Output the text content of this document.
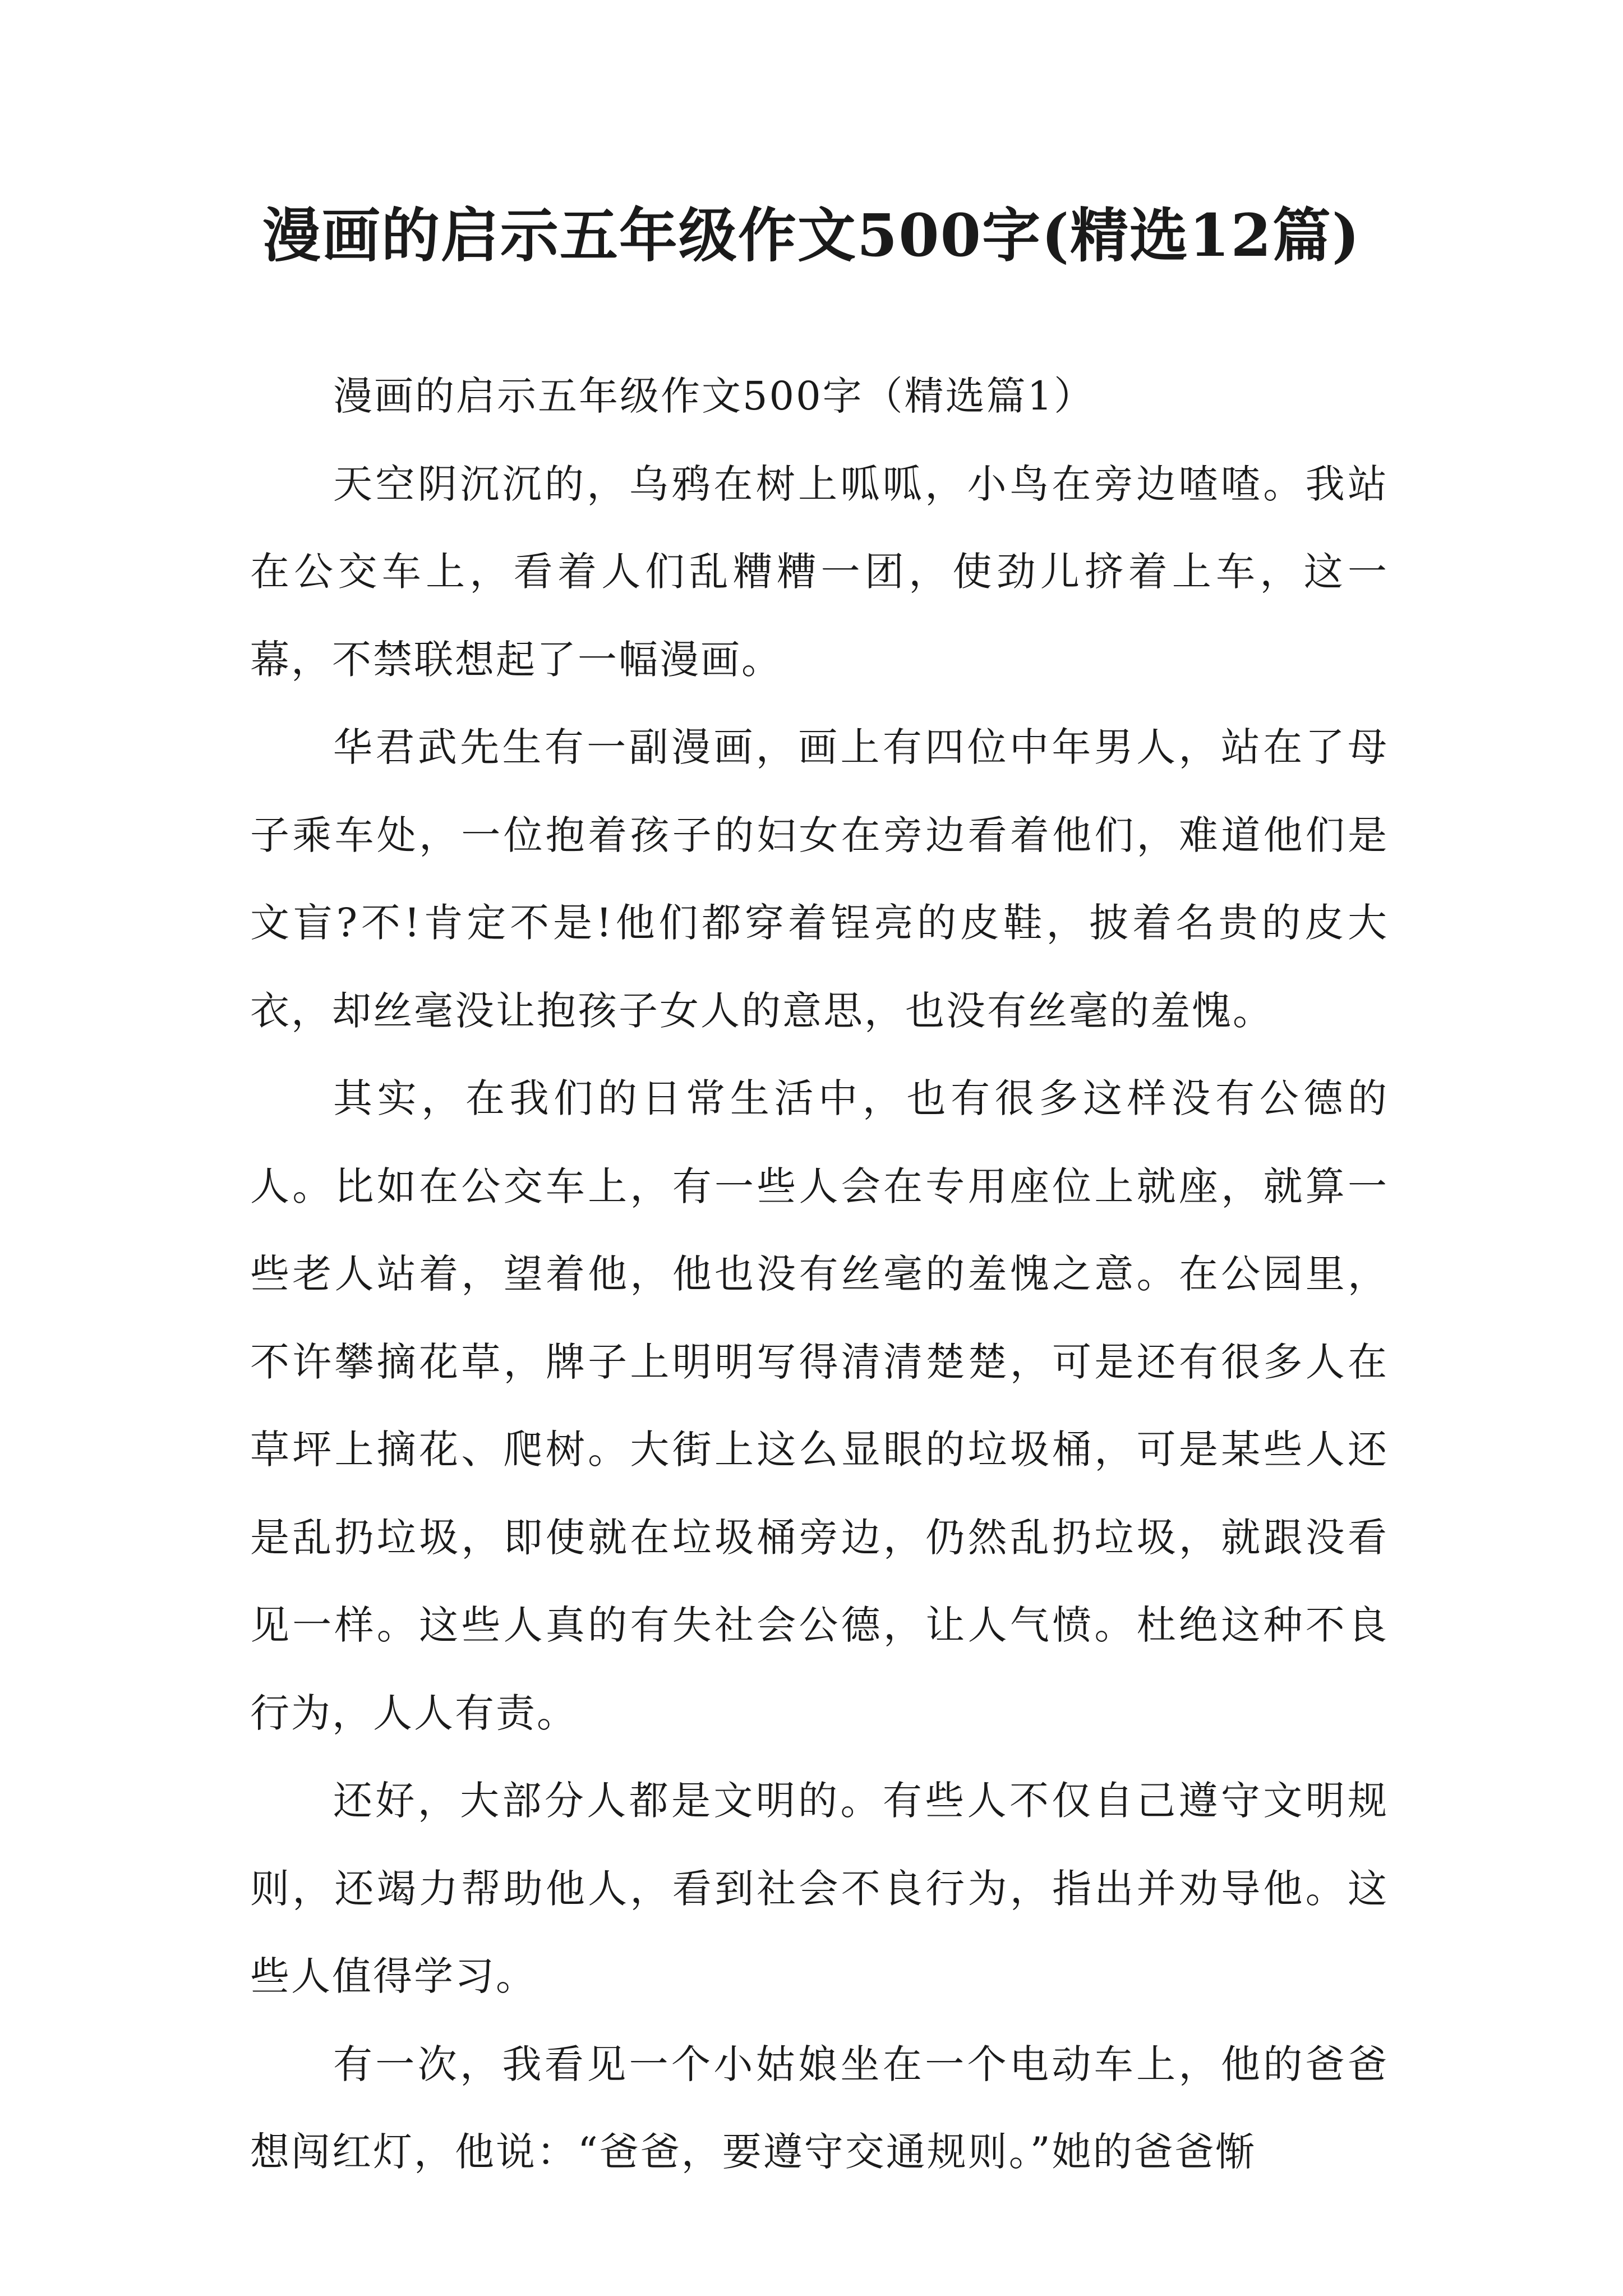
漫画的启示五年级作文500字(精选12篇)

漫画的启示五年级作文500字（精选篇1）

天空阴沉沉的，乌鸦在树上呱呱，小鸟在旁边喳喳。我站在公交车上，看着人们乱糟糟一团，使劲儿挤着上车，这一幕，不禁联想起了一幅漫画。

华君武先生有一副漫画，画上有四位中年男人，站在了母子乘车处，一位抱着孩子的妇女在旁边看着他们，难道他们是文盲?不!肯定不是!他们都穿着锃亮的皮鞋，披着名贵的皮大衣，却丝毫没让抱孩子女人的意思，也没有丝毫的羞愧。

其实，在我们的日常生活中，也有很多这样没有公德的人。比如在公交车上，有一些人会在专用座位上就座，就算一些老人站着，望着他，他也没有丝毫的羞愧之意。在公园里，不许攀摘花草，牌子上明明写得清清楚楚，可是还有很多人在草坪上摘花、爬树。大街上这么显眼的垃圾桶，可是某些人还是乱扔垃圾，即使就在垃圾桶旁边，仍然乱扔垃圾，就跟没看见一样。这些人真的有失社会公德，让人气愤。杜绝这种不良行为，人人有责。

还好，大部分人都是文明的。有些人不仅自己遵守文明规则，还竭力帮助他人，看到社会不良行为，指出并劝导他。这些人值得学习。

有一次，我看见一个小姑娘坐在一个电动车上，他的爸爸想闯红灯，他说：“爸爸，要遵守交通规则。”她的爸爸惭
